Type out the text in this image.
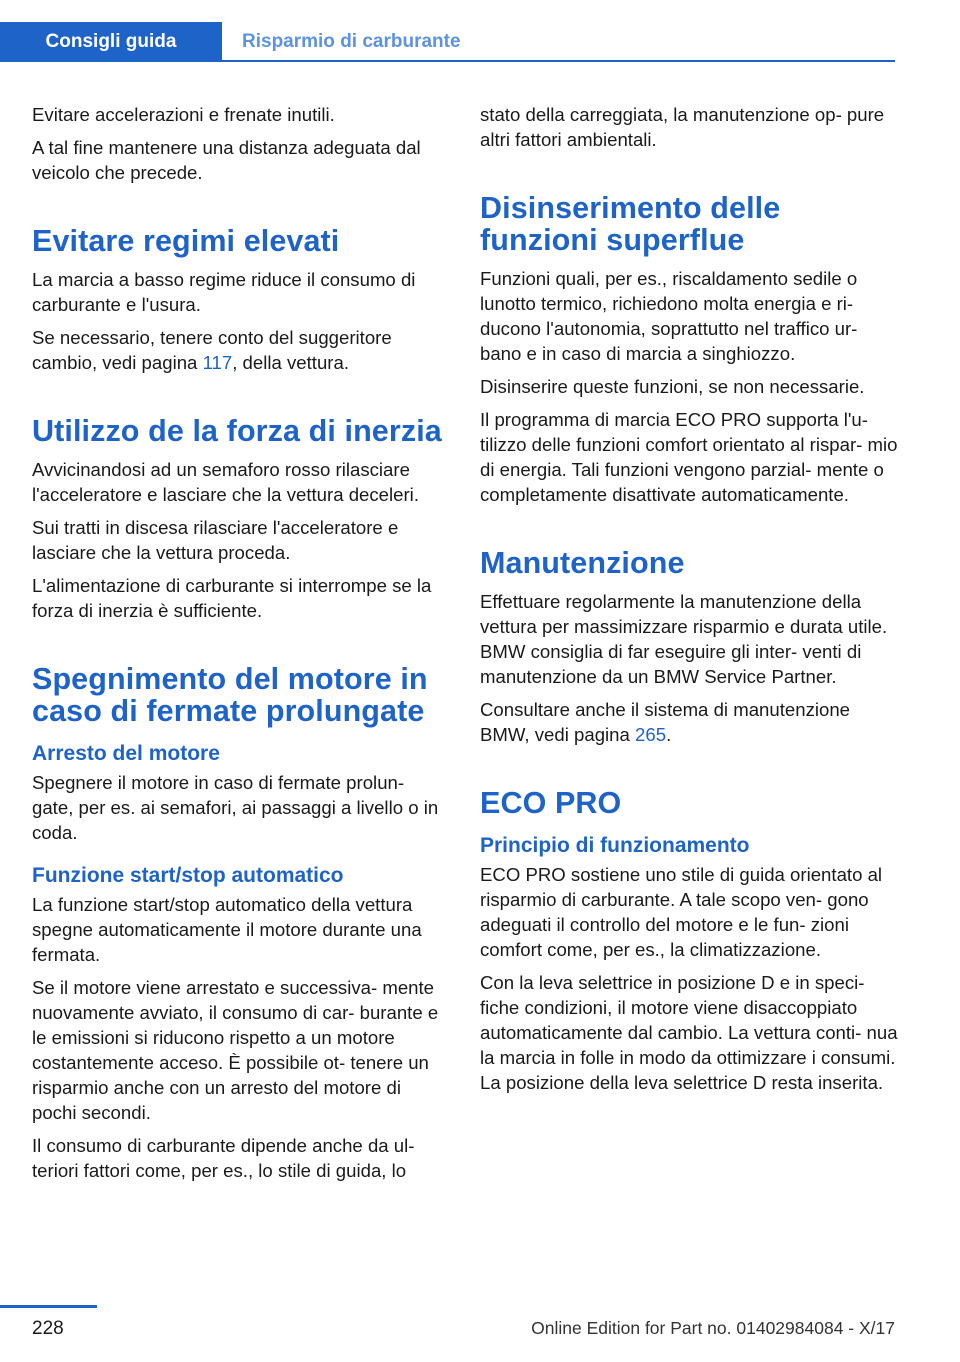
Consigli guida	Risparmio di carburante

Evitare accelerazioni e frenate inutili.

A tal fine mantenere una distanza adeguata dal veicolo che precede.

Evitare regimi elevati

La marcia a basso regime riduce il consumo di carburante e l'usura.

Se necessario, tenere conto del suggeritore cambio, vedi pagina 117, della vettura.

Utilizzo de la forza di inerzia

Avvicinandosi ad un semaforo rosso rilasciare l'acceleratore e lasciare che la vettura deceleri.

Sui tratti in discesa rilasciare l'acceleratore e lasciare che la vettura proceda.

L'alimentazione di carburante si interrompe se la forza di inerzia è sufficiente.

Spegnimento del motore in caso di fermate prolungate
Arresto del motore

Spegnere il motore in caso di fermate prolun‐ gate, per es. ai semafori, ai passaggi a livello o in coda.

Funzione start/stop automatico

La funzione start/stop automatico della vettura spegne automaticamente il motore durante una fermata.

Se il motore viene arrestato e successiva‐ mente nuovamente avviato, il consumo di car‐ burante e le emissioni si riducono rispetto a un motore costantemente acceso. È possibile ot‐ tenere un risparmio anche con un arresto del motore di pochi secondi.

Il consumo di carburante dipende anche da ul‐ teriori fattori come, per es., lo stile di guida, lo

stato della carreggiata, la manutenzione op‐ pure altri fattori ambientali.

Disinserimento delle funzioni superflue

Funzioni quali, per es., riscaldamento sedile o lunotto termico, richiedono molta energia e ri‐ ducono l'autonomia, soprattutto nel traffico ur‐ bano e in caso di marcia a singhiozzo.

Disinserire queste funzioni, se non necessarie.

Il programma di marcia ECO PRO supporta l'u‐ tilizzo delle funzioni comfort orientato al rispar‐ mio di energia. Tali funzioni vengono parzial‐ mente o completamente disattivate automaticamente.

Manutenzione

Effettuare regolarmente la manutenzione della vettura per massimizzare risparmio e durata utile. BMW consiglia di far eseguire gli inter‐ venti di manutenzione da un BMW Service Partner.

Consultare anche il sistema di manutenzione BMW, vedi pagina 265.

ECO PRO
Principio di funzionamento

ECO PRO sostiene uno stile di guida orientato al risparmio di carburante. A tale scopo ven‐ gono adeguati il controllo del motore e le fun‐ zioni comfort come, per es., la climatizzazione.

Con la leva selettrice in posizione D e in speci‐ fiche condizioni, il motore viene disaccoppiato automaticamente dal cambio. La vettura conti‐ nua la marcia in folle in modo da ottimizzare i consumi. La posizione della leva selettrice D resta inserita.

228	Online Edition for Part no. 01402984084 - X/17
